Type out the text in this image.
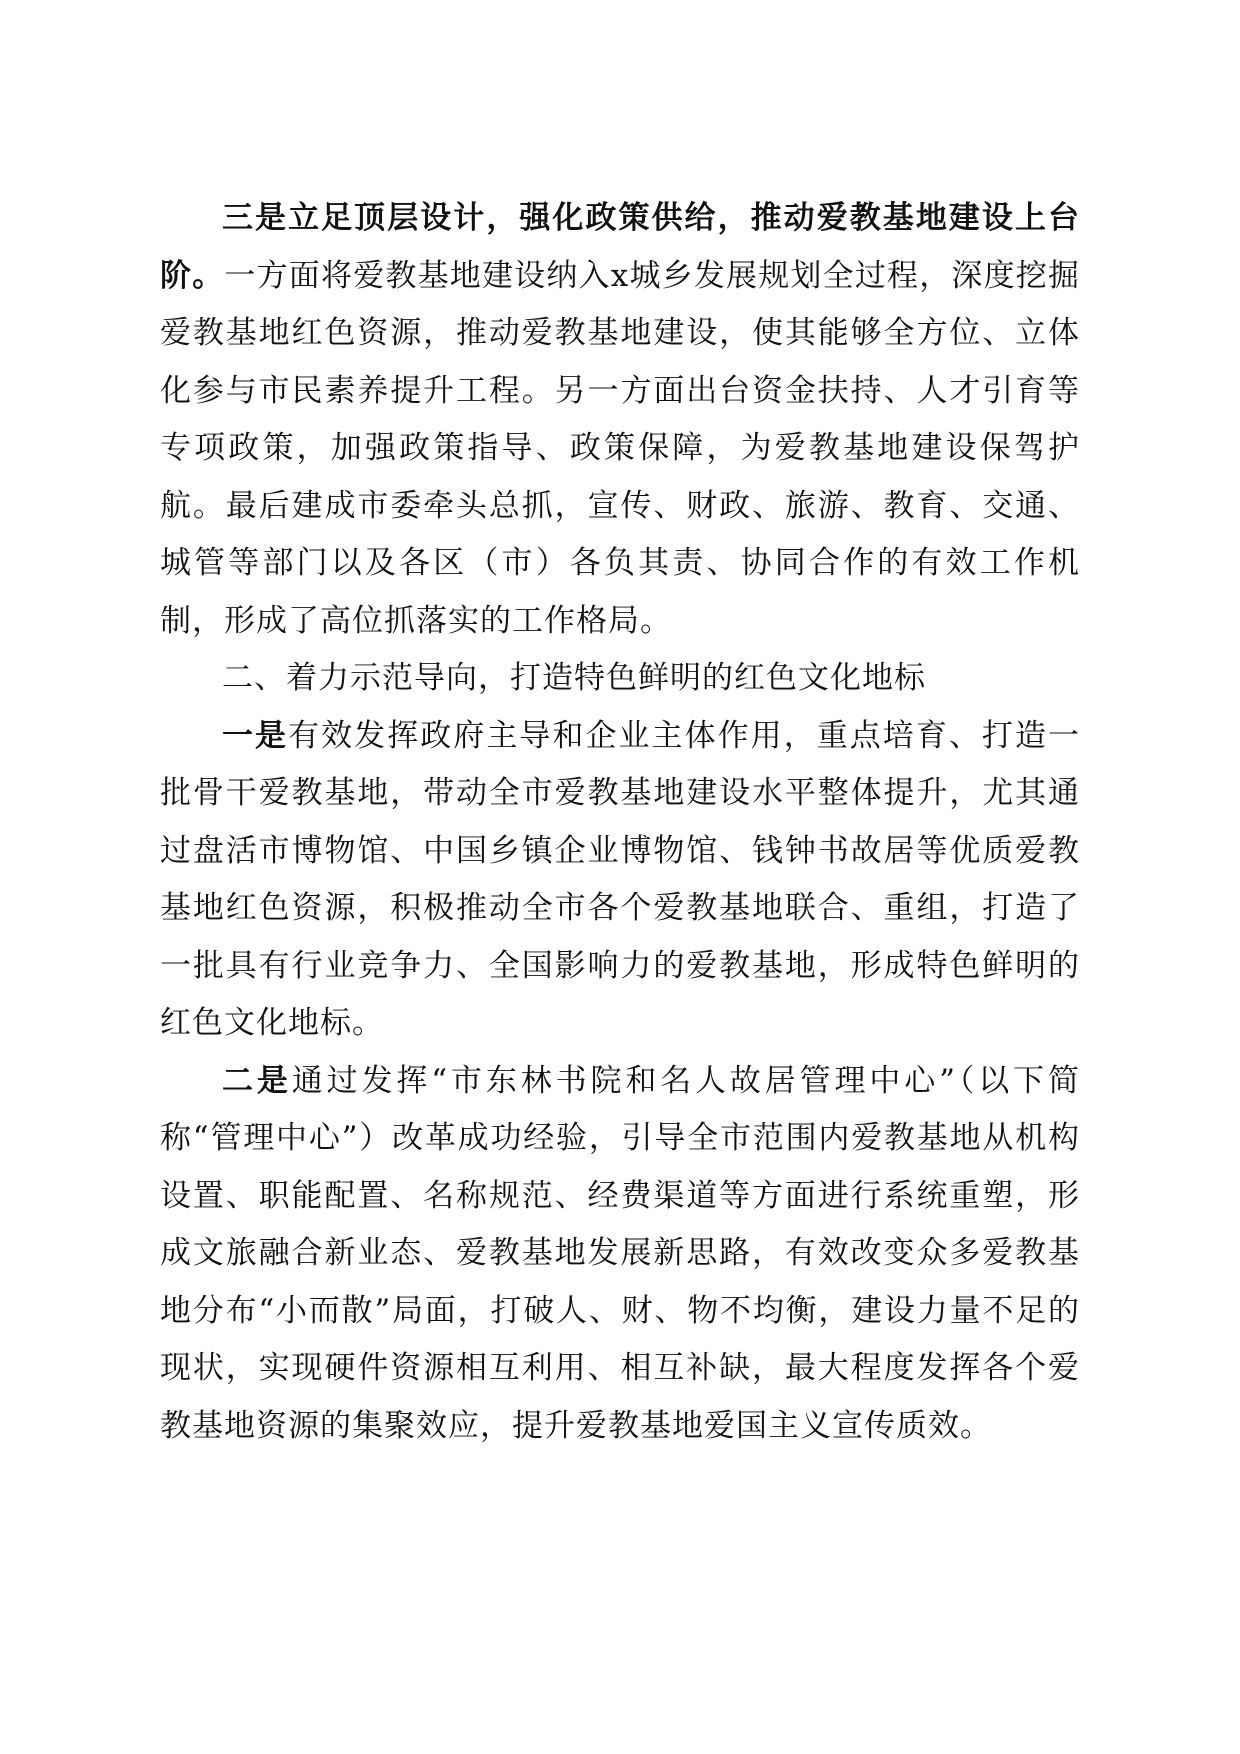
三是立足顶层设计，强化政策供给，推动爱教基地建设上台阶。一方面将爱教基地建设纳入x城乡发展规划全过程，深度挖掘爱教基地红色资源，推动爱教基地建设，使其能够全方位、立体化参与市民素养提升工程。另一方面出台资金扶持、人才引育等专项政策，加强政策指导、政策保障，为爱教基地建设保驾护航。最后建成市委牵头总抓，宣传、财政、旅游、教育、交通、城管等部门以及各区（市）各负其责、协同合作的有效工作机制，形成了高位抓落实的工作格局。

二、着力示范导向，打造特色鲜明的红色文化地标

一是有效发挥政府主导和企业主体作用，重点培育、打造一批骨干爱教基地，带动全市爱教基地建设水平整体提升，尤其通过盘活市博物馆、中国乡镇企业博物馆、钱钟书故居等优质爱教基地红色资源，积极推动全市各个爱教基地联合、重组，打造了一批具有行业竞争力、全国影响力的爱教基地，形成特色鲜明的红色文化地标。

二是通过发挥“市东林书院和名人故居管理中心”（以下简称“管理中心”）改革成功经验，引导全市范围内爱教基地从机构设置、职能配置、名称规范、经费渠道等方面进行系统重塑，形成文旅融合新业态、爱教基地发展新思路，有效改变众多爱教基地分布“小而散”局面，打破人、财、物不均衡，建设力量不足的现状，实现硬件资源相互利用、相互补缺，最大程度发挥各个爱教基地资源的集聚效应，提升爱教基地爱国主义宣传质效。
